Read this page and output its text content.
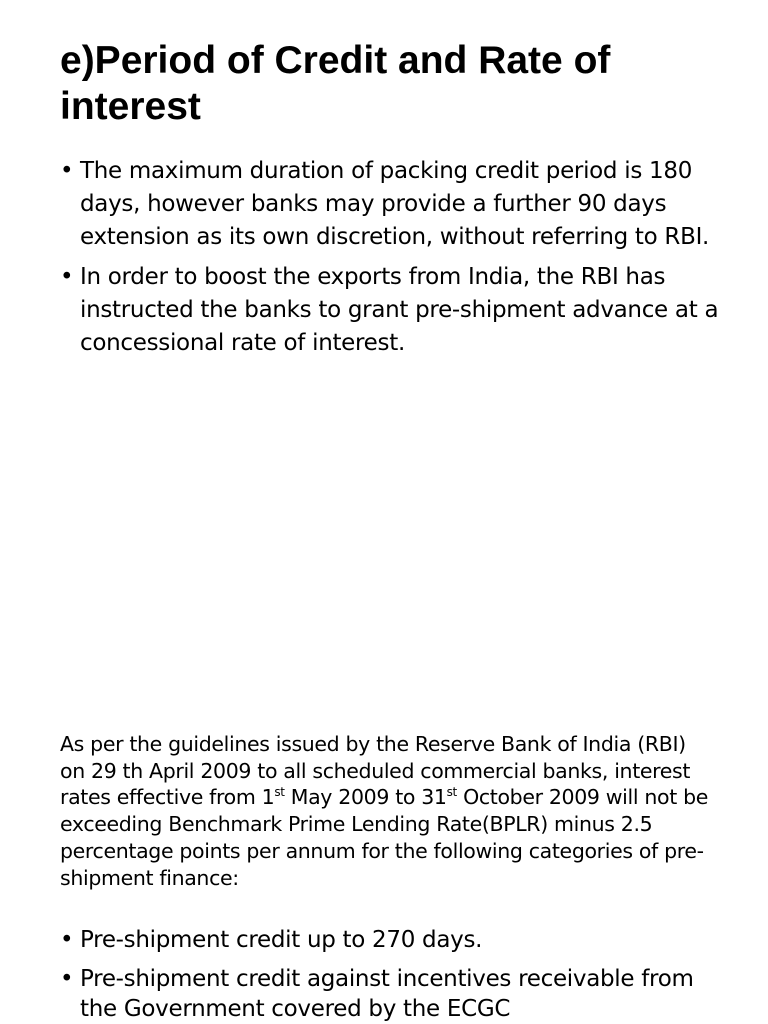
e)Period of Credit and Rate of interest
• The maximum duration of packing credit period is 180 days, however banks may provide a further 90 days extension as its own discretion, without referring to RBI.
• In order to boost the exports from India, the RBI has instructed the banks to grant pre-shipment advance at a concessional rate of interest.

As per the guidelines issued by the Reserve Bank of India (RBI) on 29 th April 2009 to all scheduled commercial banks, interest rates effective from 1st May 2009 to 31st October 2009 will not be exceeding Benchmark Prime Lending Rate(BPLR) minus 2.5 percentage points per annum for the following categories of pre-shipment finance:

• Pre-shipment credit up to 270 days.
• Pre-shipment credit against incentives receivable from the Government covered by the ECGC
